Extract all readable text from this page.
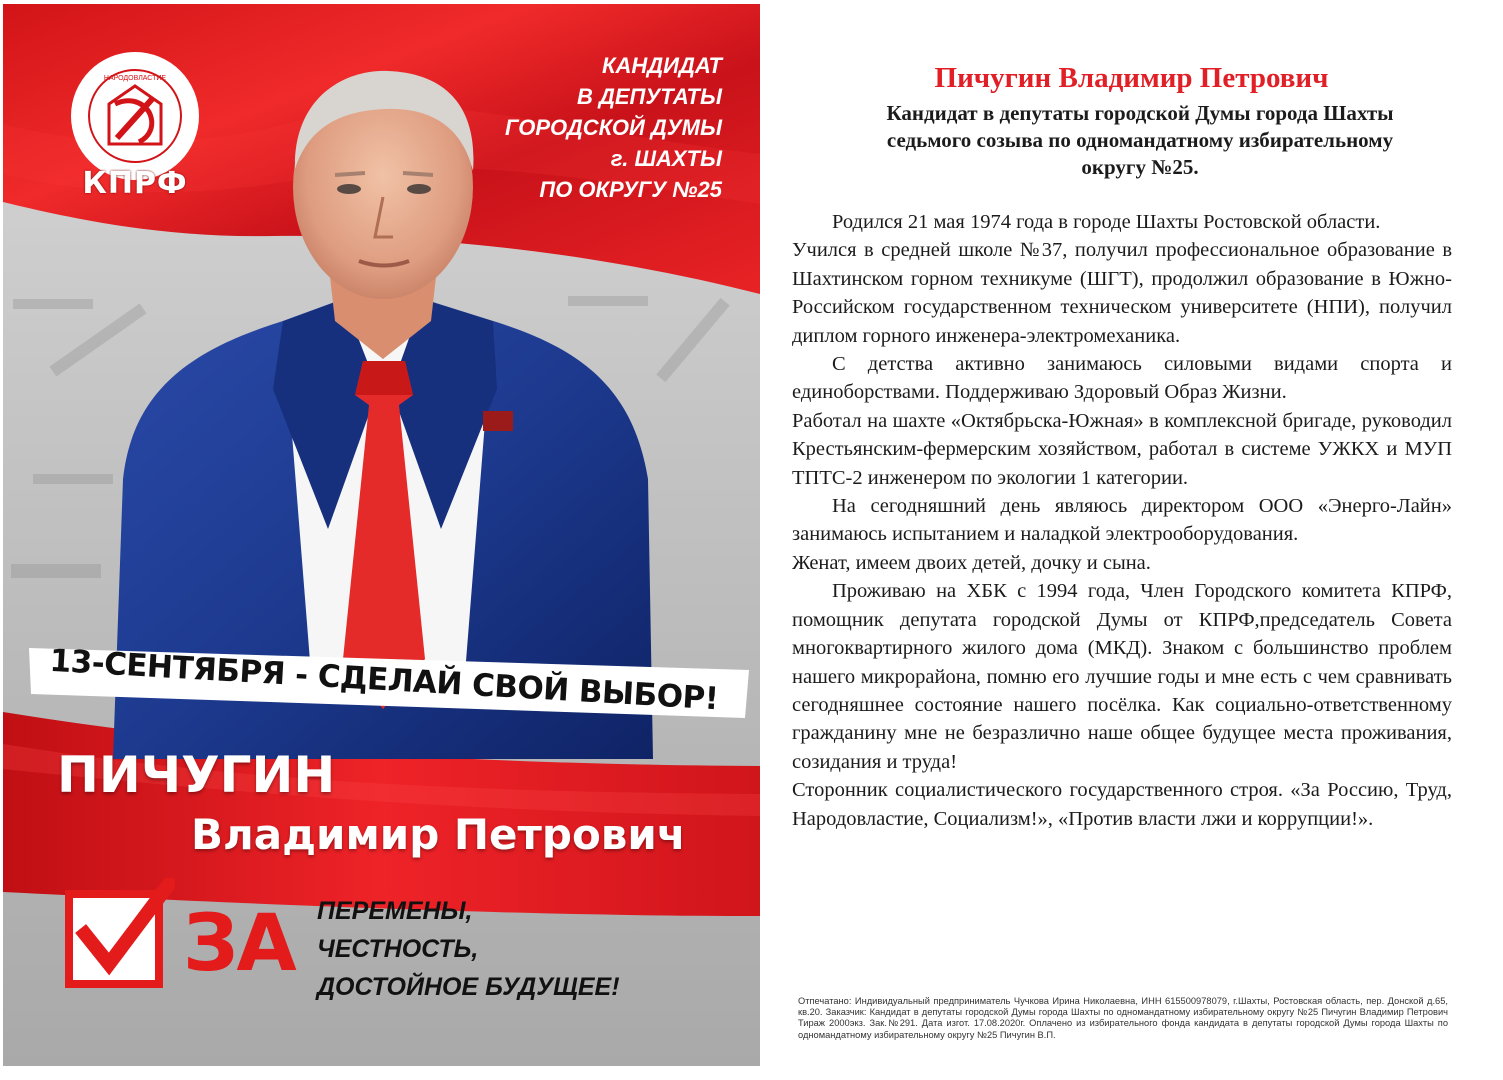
НАРОДОВЛАСТИЕ
КПРФ
КАНДИДАТ
В ДЕПУТАТЫ
ГОРОДСКОЙ ДУМЫ
г. ШАХТЫ
ПО ОКРУГУ №25
13-СЕНТЯБРЯ - СДЕЛАЙ СВОЙ ВЫБОР!
ПИЧУГИН
Владимир Петрович
ЗА ПЕРЕМЕНЫ,
ЧЕСТНОСТЬ,
ДОСТОЙНОЕ БУДУЩЕЕ!
Пичугин Владимир Петрович
Кандидат в депутаты городской Думы города Шахты
седьмого созыва по одномандатному избирательному
округу №25.

Родился 21 мая 1974 года в городе Шахты Ростовской области.

Учился в средней школе №37, получил профессиональное образование в Шахтинском горном техникуме (ШГТ), продолжил образование в Южно-Российском государственном техническом университете (НПИ), получил диплом горного инженера-электромеханика.

С детства активно занимаюсь силовыми видами спорта и единоборствами. Поддерживаю Здоровый Образ Жизни.

Работал на шахте «Октябрьска-Южная» в комплексной бригаде, руководил Крестьянским-фермерским хозяйством, работал в системе УЖКХ и МУП ТПТС-2 инженером по экологии 1 категории.

На сегодняшний день являюсь директором ООО «Энерго-Лайн» занимаюсь испытанием и наладкой электрооборудования.

Женат, имеем двоих детей, дочку и сына.

Проживаю на ХБК с 1994 года, Член Городского комитета КПРФ, помощник депутата городской Думы от КПРФ,председатель Совета многоквартирного жилого дома (МКД). Знаком с большинство проблем нашего микрорайона, помню его лучшие годы и мне есть с чем сравнивать сегодняшнее состояние нашего посёлка. Как социально-ответственному гражданину мне не безразлично наше общее будущее места проживания, созидания и труда!

Сторонник социалистического государственного строя. «За Россию, Труд, Народовластие, Социализм!», «Против власти лжи и коррупции!».

Отпечатано: Индивидуальный предприниматель Чучкова Ирина Николаевна, ИНН 615500978079, г.Шахты, Ростовская область, пер. Донской д.65, кв.20. Заказчик: Кандидат в депутаты городской Думы города Шахты по одномандатному избирательному округу №25 Пичугин Владимир Петрович Тираж 2000экз. Зак.№291. Дата изгот. 17.08.2020г. Оплачено из избирательного фонда кандидата в депутаты городской Думы города Шахты по одномандатному избирательному округу №25 Пичугин В.П.
